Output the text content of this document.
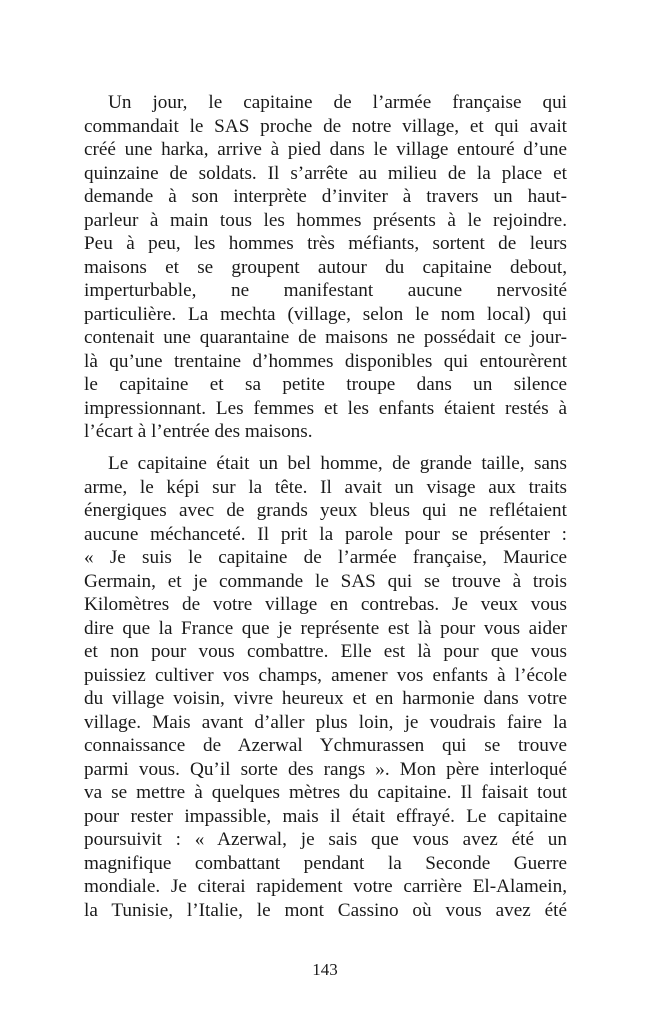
Un jour, le capitaine de l’armée française qui
commandait le SAS proche de notre village, et qui avait
créé une harka, arrive à pied dans le village entouré d’une
quinzaine de soldats. Il s’arrête au milieu de la place et
demande à son interprète d’inviter à travers un haut-
parleur à main tous les hommes présents à le rejoindre.
Peu à peu, les hommes très méfiants, sortent de leurs
maisons et se groupent autour du capitaine debout,
imperturbable, ne manifestant aucune nervosité
particulière. La mechta (village, selon le nom local) qui
contenait une quarantaine de maisons ne possédait ce jour-
là qu’une trentaine d’hommes disponibles qui entourèrent
le capitaine et sa petite troupe dans un silence
impressionnant. Les femmes et les enfants étaient restés à
l’écart à l’entrée des maisons.
Le capitaine était un bel homme, de grande taille, sans
arme, le képi sur la tête. Il avait un visage aux traits
énergiques avec de grands yeux bleus qui ne reflétaient
aucune méchanceté. Il prit la parole pour se présenter :
« Je suis le capitaine de l’armée française, Maurice
Germain, et je commande le SAS qui se trouve à trois
Kilomètres de votre village en contrebas. Je veux vous
dire que la France que je représente est là pour vous aider
et non pour vous combattre. Elle est là pour que vous
puissiez cultiver vos champs, amener vos enfants à l’école
du village voisin, vivre heureux et en harmonie dans votre
village. Mais avant d’aller plus loin, je voudrais faire la
connaissance de Azerwal Ychmurassen qui se trouve
parmi vous. Qu’il sorte des rangs ». Mon père interloqué
va se mettre à quelques mètres du capitaine. Il faisait tout
pour rester impassible, mais il était effrayé. Le capitaine
poursuivit : « Azerwal, je sais que vous avez été un
magnifique combattant pendant la Seconde Guerre
mondiale. Je citerai rapidement votre carrière El-Alamein,
la Tunisie, l’Italie, le mont Cassino où vous avez été
143
